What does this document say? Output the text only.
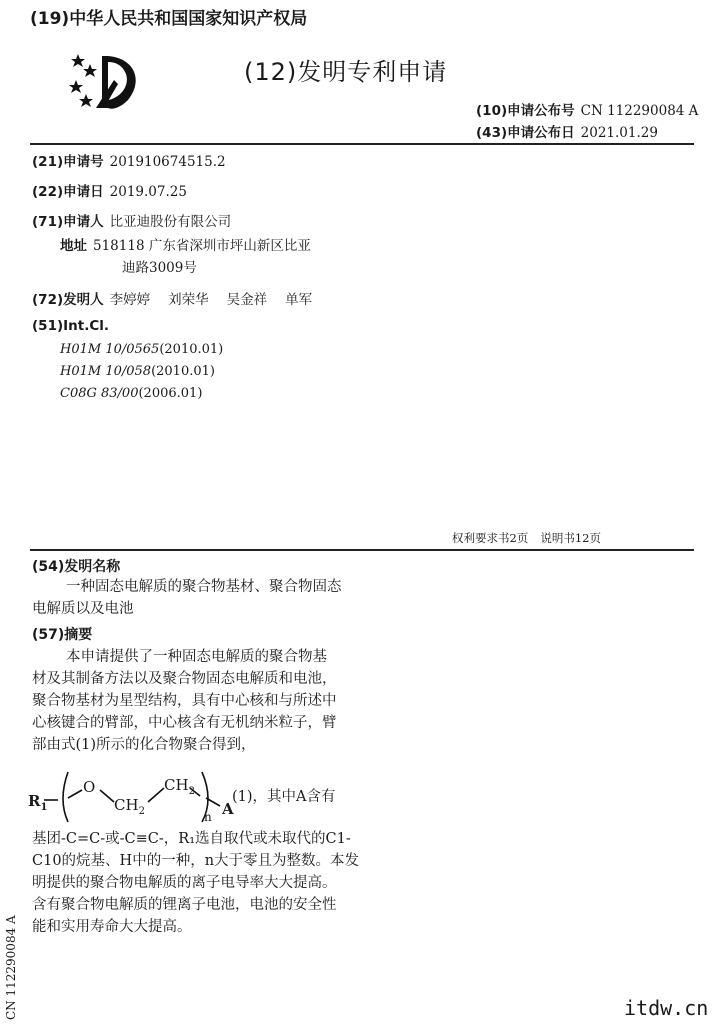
(19)中华人民共和国国家知识产权局
(12)发明专利申请
(10)申请公布号 CN 112290084 A
(43)申请公布日 2021.01.29
(21)申请号 201910674515.2
(22)申请日 2019.07.25
(71)申请人 比亚迪股份有限公司
地址 518118 广东省深圳市坪山新区比亚
迪路3009号
(72)发明人 李婷婷 刘荣华 吴金祥 单军
(51)Int.Cl.
H01M 10/0565(2010.01)
H01M 10/058(2010.01)
C08G 83/00(2006.01)
权利要求书2页 说明书12页
(54)发明名称
一种固态电解质的聚合物基材、聚合物固态
电解质以及电池
(57)摘要
本申请提供了一种固态电解质的聚合物基
材及其制备方法以及聚合物固态电解质和电池，
聚合物基材为星型结构，具有中心核和与所述中
心核键合的臂部，中心核含有无机纳米粒子，臂
部由式(1)所示的化合物聚合得到，
$R_1$
O
$CH_2$
$CH_2$
n A
(1)，其中A含有
基团-C=C-或-C≡C-，R₁选自取代或未取代的C1-
C10的烷基、H中的一种，n大于零且为整数。本发
明提供的聚合物电解质的离子电导率大大提高。
含有聚合物电解质的锂离子电池，电池的安全性
能和实用寿命大大提高。
CN 112290084 A	itdw.cn
